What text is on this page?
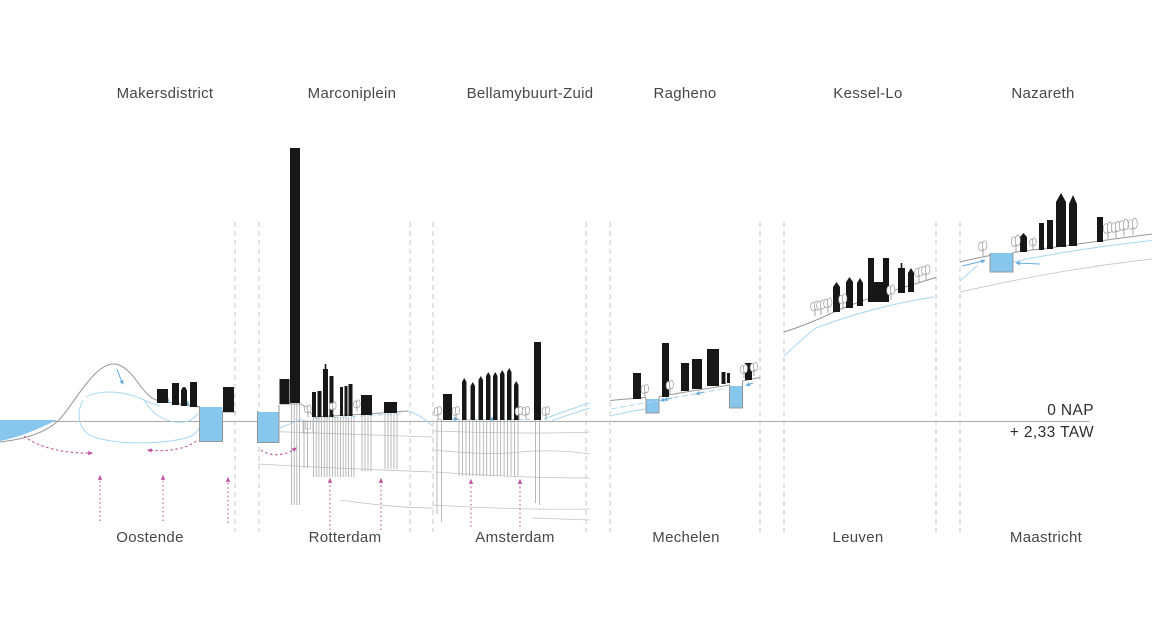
Makersdistrict	Marconiplein	Bellamybuurt-Zuid	Ragheno	Kessel-Lo	Nazareth
Oostende	Rotterdam	Amsterdam	Mechelen	Leuven	Maastricht
0 NAP
+ 2,33 TAW
